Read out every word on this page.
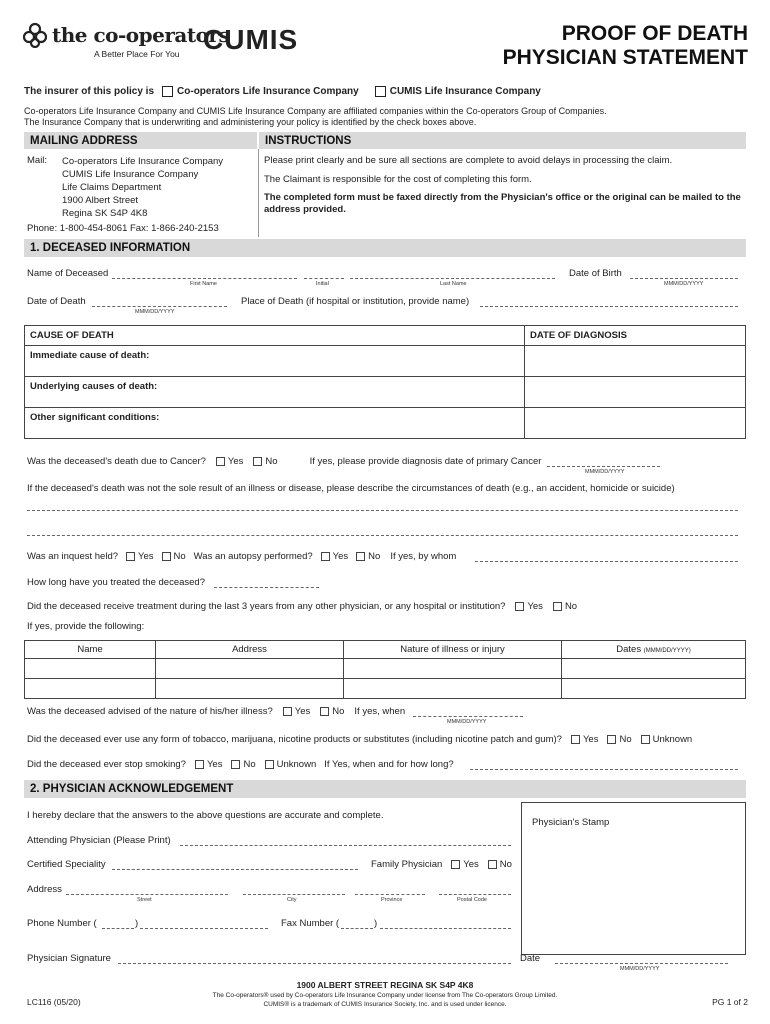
the co-operators
A Better Place For You CUMIS	PROOF OF DEATH
PHYSICIAN STATEMENT
The insurer of this policy is Co-operators Life Insurance Company	CUMIS Life Insurance Company
Co-operators Life Insurance Company and CUMIS Life Insurance Company are affiliated companies within the Co-operators Group of Companies.
The Insurance Company that is underwriting and administering your policy is identified by the check boxes above.
MAILING ADDRESS	INSTRUCTIONS
Mail: Co-operators Life Insurance Company
CUMIS Life Insurance Company
Life Claims Department
1900 Albert Street
Regina SK S4P 4K8
Phone: 1-800-454-8061 Fax: 1-866-240-2153
Please print clearly and be sure all sections are complete to avoid delays in processing the claim.
The Claimant is responsible for the cost of completing this form.
The completed form must be faxed directly from the Physician's office or the original can be mailed to the address provided.
1. DECEASED INFORMATION
Name of Deceased
First Name	Initial	Last Name
Date of Birth
MMM/DD/YYYY
Date of Death
MMM/DD/YYYY
Place of Death (if hospital or institution, provide name)
CAUSE OF DEATH	DATE OF DIAGNOSIS
Immediate cause of death:	
Underlying causes of death:	
Other significant conditions:	
Was the deceased's death due to Cancer? Yes No	If yes, please provide diagnosis date of primary Cancer
MMM/DD/YYYY
If the deceased's death was not the sole result of an illness or disease, please describe the circumstances of death (e.g., an accident, homicide or suicide)
Was an inquest held? Yes No Was an autopsy performed? Yes No If yes, by whom
How long have you treated the deceased?
Did the deceased receive treatment during the last 3 years from any other physician, or any hospital or institution? Yes No
If yes, provide the following:
Name	Address	Nature of illness or injury	Dates (MMM/DD/YYYY)

Was the deceased advised of the nature of his/her illness? Yes No If yes, when
MMM/DD/YYYY
Did the deceased ever use any form of tobacco, marijuana, nicotine products or substitutes (including nicotine patch and gum)? Yes No Unknown
Did the deceased ever stop smoking? Yes No Unknown If Yes, when and for how long?
2. PHYSICIAN ACKNOWLEDGEMENT
I hereby declare that the answers to the above questions are accurate and complete.
Physician's Stamp
Attending Physician (Please Print)
Certified Speciality	Family Physician Yes No
Address
Street	City	Province	Postal Code
Phone Number (	)	Fax Number (	)
Physician Signature	Date
MMM/DD/YYYY
1900 ALBERT STREET REGINA SK S4P 4K8
The Co-operators® used by Co-operators Life Insurance Company under license from The Co-operators Group Limited.
CUMIS® is a trademark of CUMIS Insurance Society, Inc. and is used under licence.
LC116 (05/20)	PG 1 of 2
